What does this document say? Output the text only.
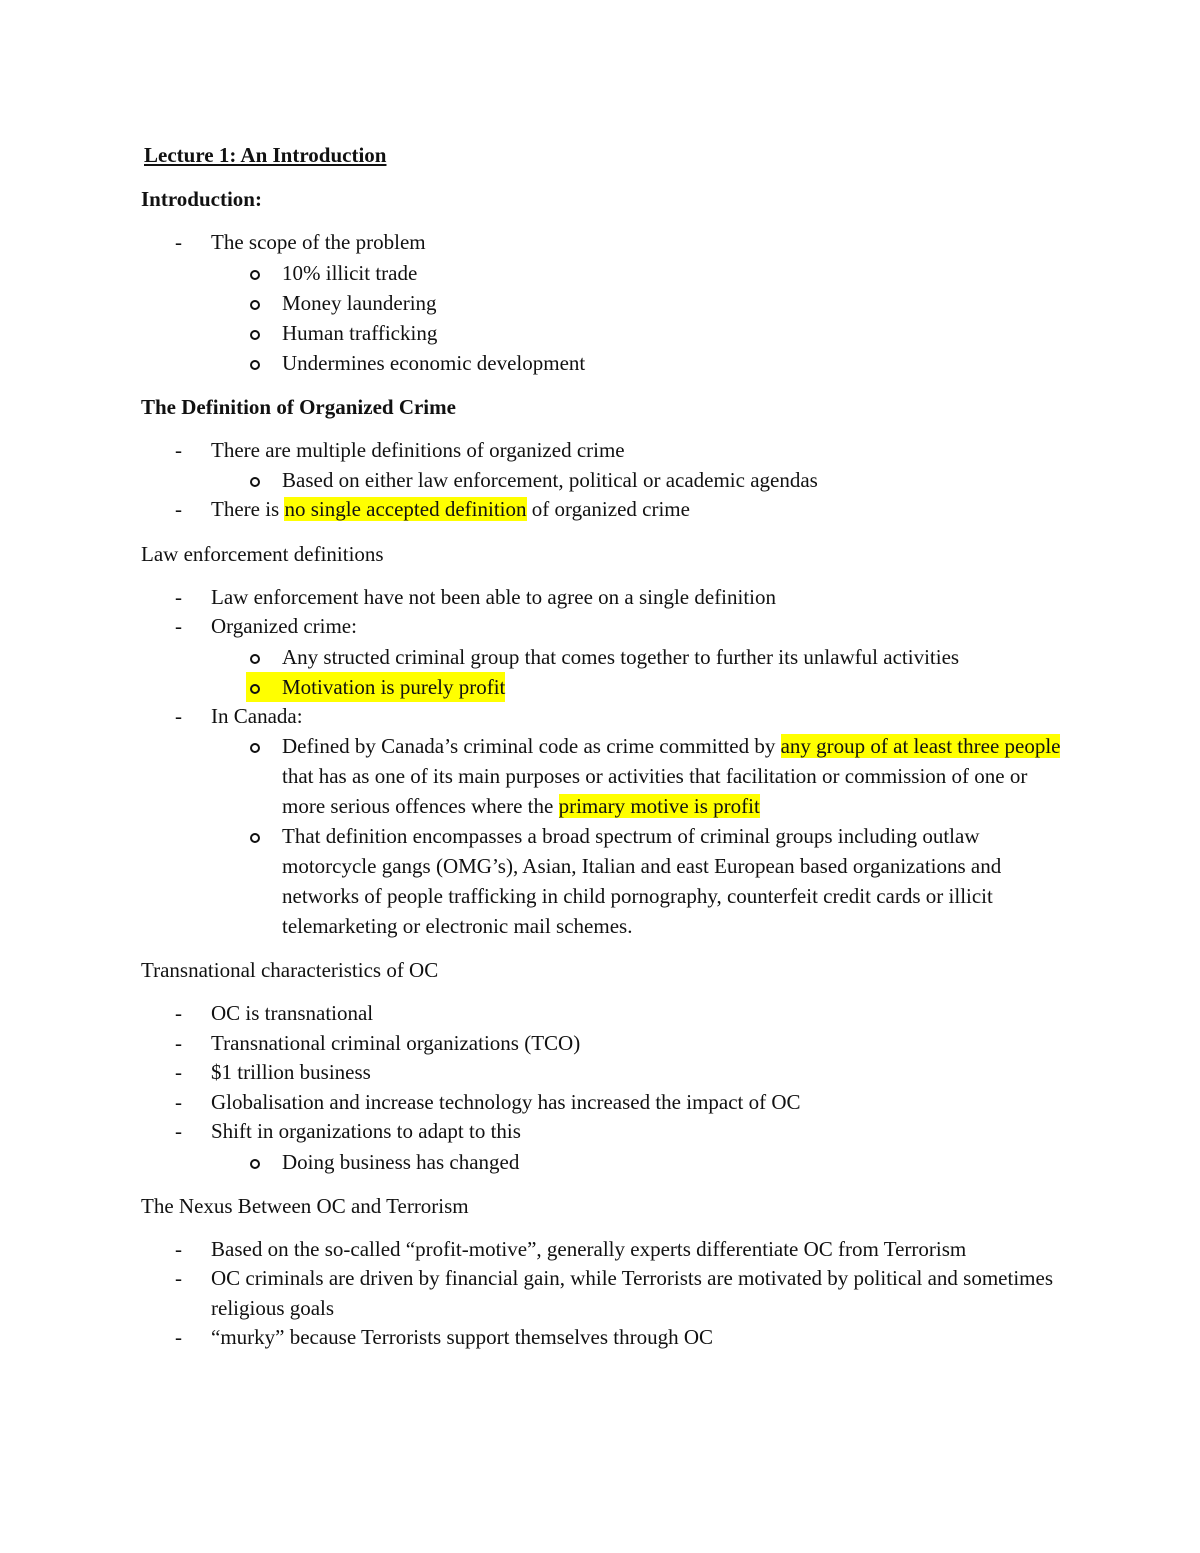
Lecture 1: An Introduction
Introduction:
- The scope of the problem
10% illicit trade
Money laundering
Human trafficking
Undermines economic development
The Definition of Organized Crime
- There are multiple definitions of organized crime
Based on either law enforcement, political or academic agendas
- There is no single accepted definition of organized crime
Law enforcement definitions
- Law enforcement have not been able to agree on a single definition
- Organized crime:
Any structed criminal group that comes together to further its unlawful activities
Motivation is purely profit
- In Canada:
Defined by Canada’s criminal code as crime committed by any group of at least three people that has as one of its main purposes or activities that facilitation or commission of one or more serious offences where the primary motive is profit
That definition encompasses a broad spectrum of criminal groups including outlaw motorcycle gangs (OMG’s), Asian, Italian and east European based organizations and networks of people trafficking in child pornography, counterfeit credit cards or illicit telemarketing or electronic mail schemes.
Transnational characteristics of OC
- OC is transnational
- Transnational criminal organizations (TCO)
- $1 trillion business
- Globalisation and increase technology has increased the impact of OC
- Shift in organizations to adapt to this
Doing business has changed
The Nexus Between OC and Terrorism
- Based on the so-called “profit-motive”, generally experts differentiate OC from Terrorism
- OC criminals are driven by financial gain, while Terrorists are motivated by political and sometimes religious goals
- “murky” because Terrorists support themselves through OC
